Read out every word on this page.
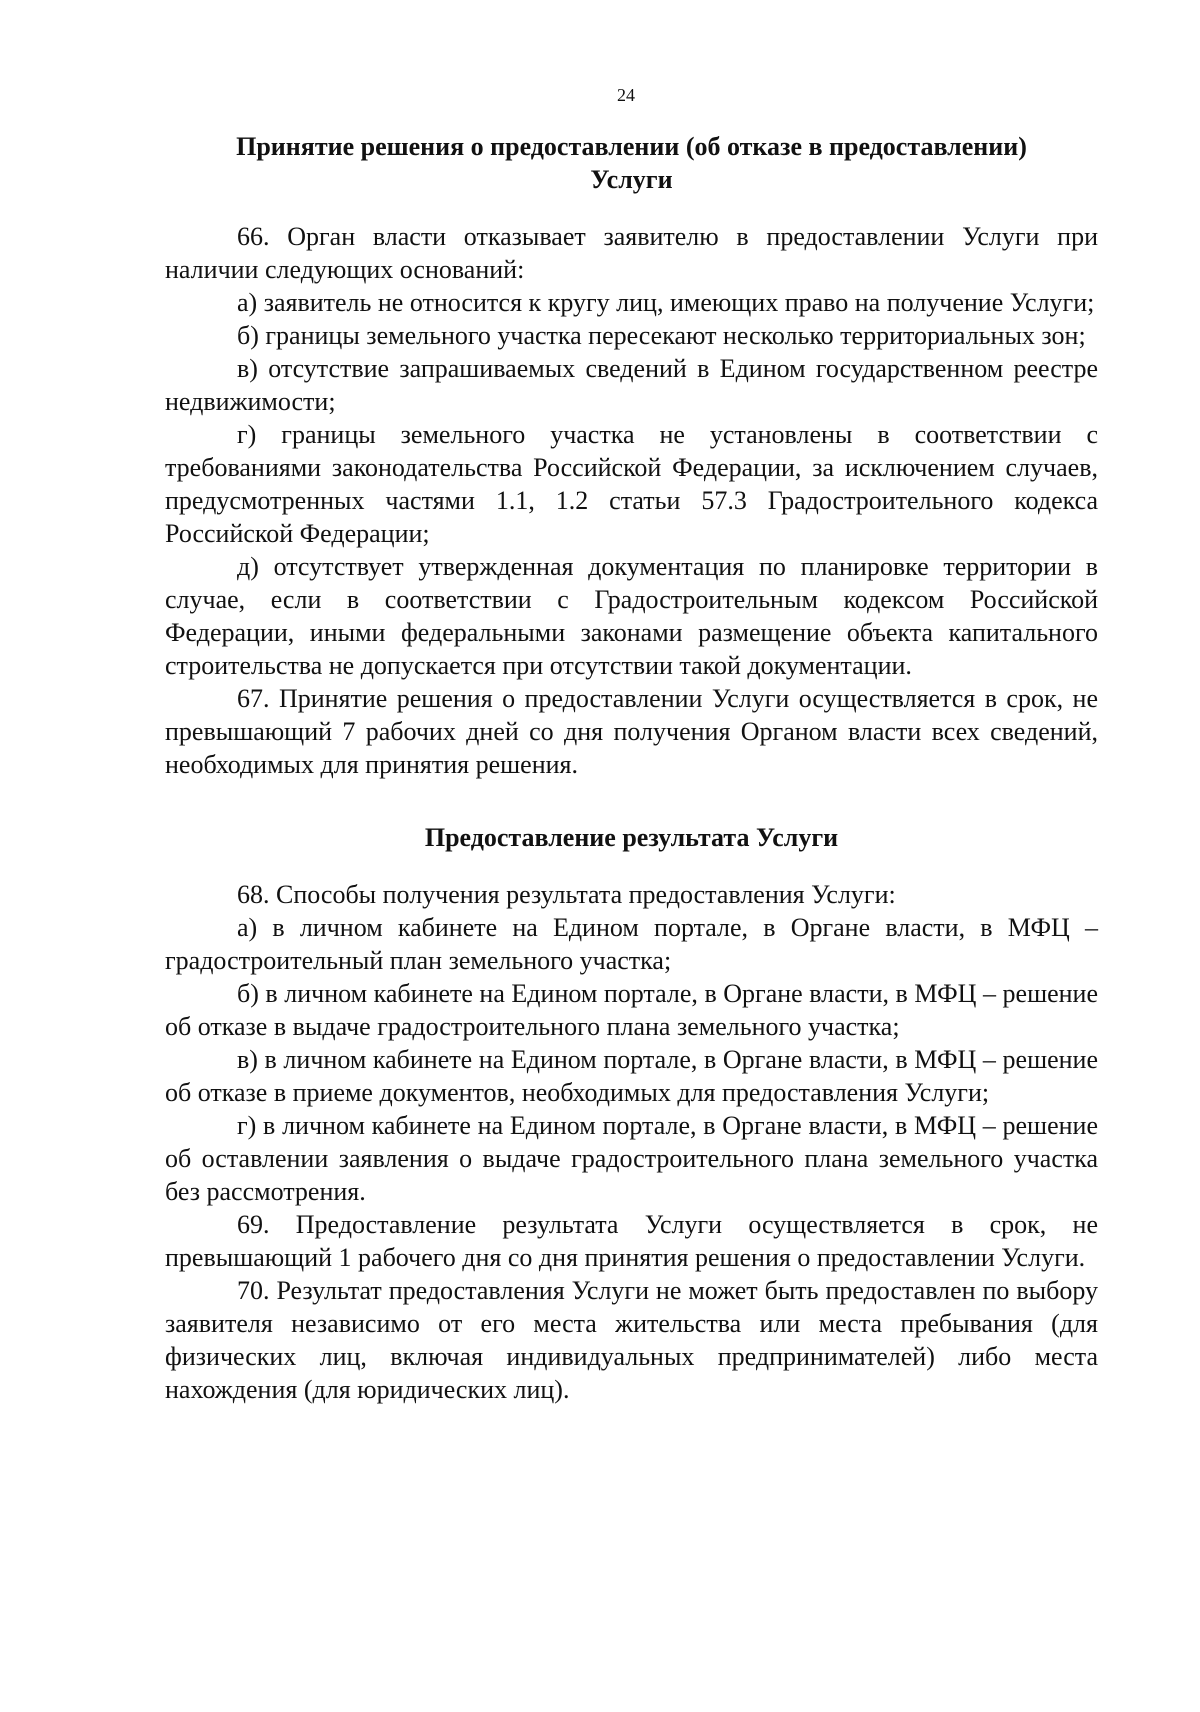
24
Принятие решения о предоставлении (об отказе в предоставлении)
Услуги

66. Орган власти отказывает заявителю в предоставлении Услуги при наличии следующих оснований:

а) заявитель не относится к кругу лиц, имеющих право на получение Услуги;

б) границы земельного участка пересекают несколько территориальных зон;

в) отсутствие запрашиваемых сведений в Едином государственном реестре недвижимости;

г) границы земельного участка не установлены в соответствии с требованиями законодательства Российской Федерации, за исключением случаев, предусмотренных частями 1.1, 1.2 статьи 57.3 Градостроительного кодекса Российской Федерации;

д) отсутствует утвержденная документация по планировке территории в случае, если в соответствии с Градостроительным кодексом Российской Федерации, иными федеральными законами размещение объекта капитального строительства не допускается при отсутствии такой документации.

67. Принятие решения о предоставлении Услуги осуществляется в срок, не превышающий 7 рабочих дней со дня получения Органом власти всех сведений, необходимых для принятия решения.

Предоставление результата Услуги

68. Способы получения результата предоставления Услуги:

а) в личном кабинете на Едином портале, в Органе власти, в МФЦ – градостроительный план земельного участка;

б) в личном кабинете на Едином портале, в Органе власти, в МФЦ – решение об отказе в выдаче градостроительного плана земельного участка;

в) в личном кабинете на Едином портале, в Органе власти, в МФЦ – решение об отказе в приеме документов, необходимых для предоставления Услуги;

г) в личном кабинете на Едином портале, в Органе власти, в МФЦ – решение об оставлении заявления о выдаче градостроительного плана земельного участка без рассмотрения.

69. Предоставление результата Услуги осуществляется в срок, не превышающий 1 рабочего дня со дня принятия решения о предоставлении Услуги.

70. Результат предоставления Услуги не может быть предоставлен по выбору заявителя независимо от его места жительства или места пребывания (для физических лиц, включая индивидуальных предпринимателей) либо места нахождения (для юридических лиц).
